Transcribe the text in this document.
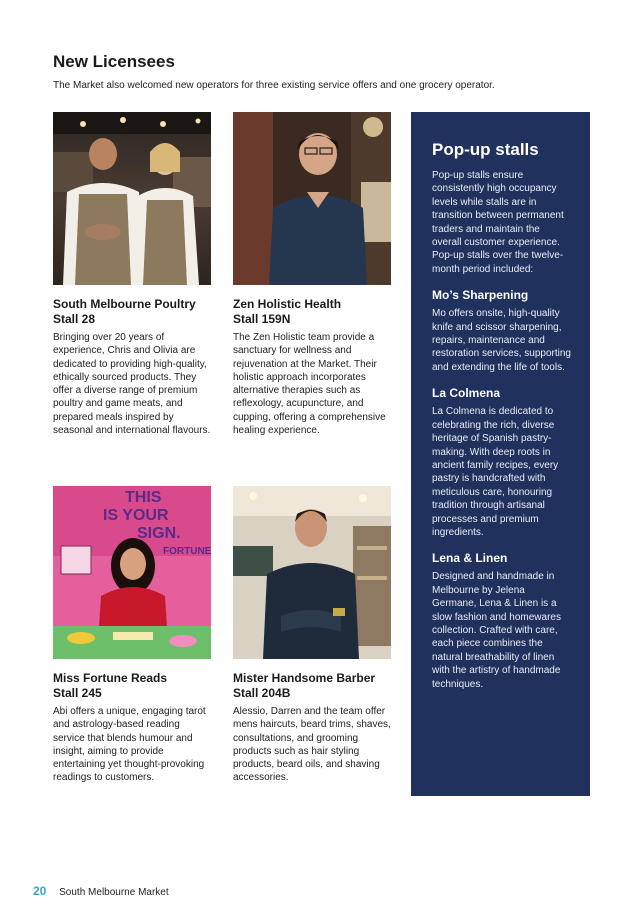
New Licensees
The Market also welcomed new operators for three existing service offers and one grocery operator.
South Melbourne Poultry
Stall 28

Bringing over 20 years of experience, Chris and Olivia are dedicated to providing high-quality, ethically sourced products. They offer a diverse range of premium poultry and game meats, and prepared meals inspired by seasonal and international flavours.

Zen Holistic Health
Stall 159N

The Zen Holistic team provide a sanctuary for wellness and rejuvenation at the Market. Their holistic approach incorporates alternative therapies such as reflexology, acupuncture, and cupping, offering a comprehensive healing experience.

THIS
IS YOUR
SIGN.
FORTUNE
Miss Fortune Reads
Stall 245

Abi offers a unique, engaging tarot and astrology-based reading service that blends humour and insight, aiming to provide entertaining yet thought-provoking readings to customers.

Mister Handsome Barber
Stall 204B

Alessio, Darren and the team offer mens haircuts, beard trims, shaves, consultations, and grooming products such as hair styling products, beard oils, and shaving accessories.

Pop-up stalls

Pop-up stalls ensure consistently high occupancy levels while stalls are in transition between permanent traders and maintain the overall customer experience. Pop-up stalls over the twelve-month period included:

Mo’s Sharpening

Mo offers onsite, high-quality knife and scissor sharpening, repairs, maintenance and restoration services, supporting and extending the life of tools.

La Colmena

La Colmena is dedicated to celebrating the rich, diverse heritage of Spanish pastry-making. With deep roots in ancient family recipes, every pastry is handcrafted with meticulous care, honouring tradition through artisanal processes and premium ingredients.

Lena & Linen

Designed and handmade in Melbourne by Jelena Germane, Lena & Linen is a slow fashion and homewares collection. Crafted with care, each piece combines the natural breathability of linen with the artistry of handmade techniques.

20 South Melbourne Market
